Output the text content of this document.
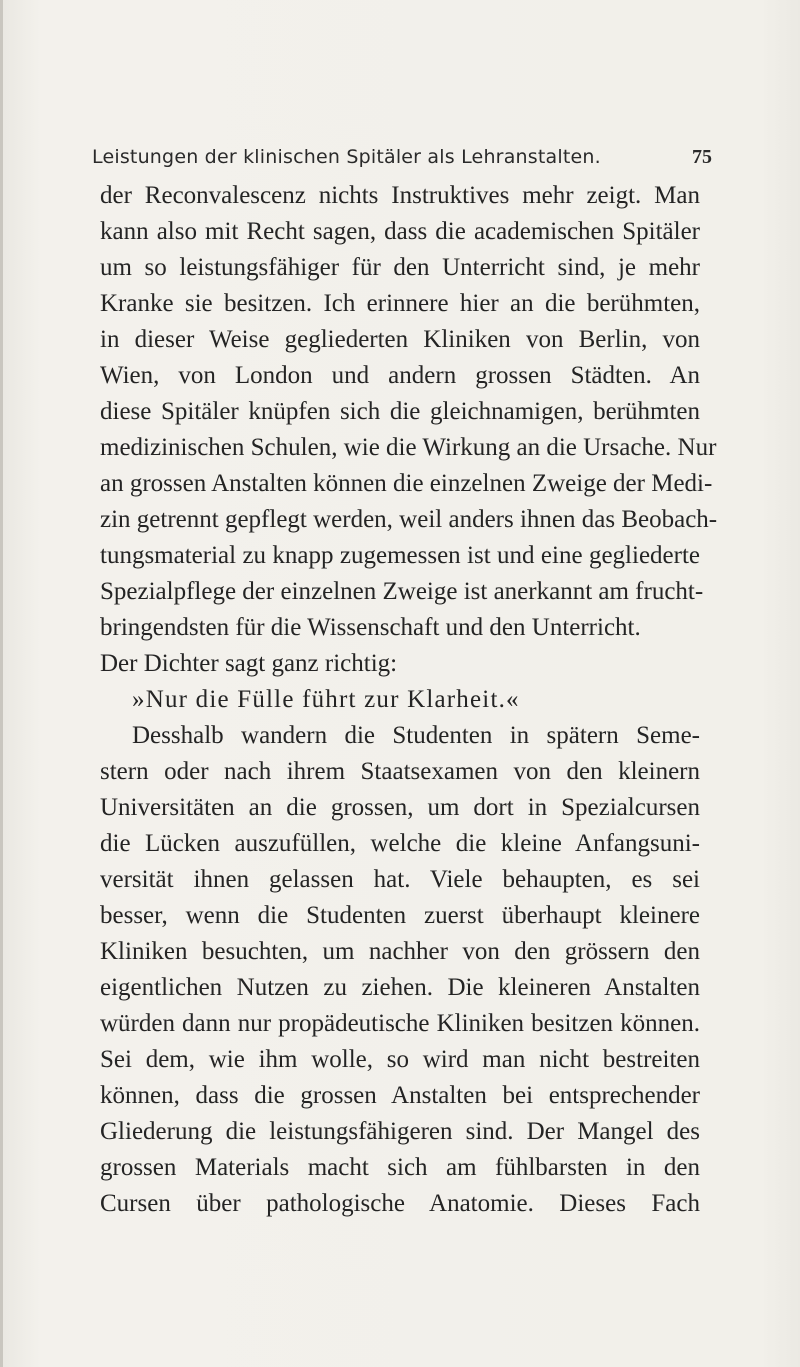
Leistungen der klinischen Spitäler als Lehranstalten.	75
der Reconvalescenz nichts Instruktives mehr zeigt. Man
kann also mit Recht sagen, dass die academischen Spitäler
um so leistungsfähiger für den Unterricht sind, je mehr
Kranke sie besitzen. Ich erinnere hier an die berühmten,
in dieser Weise gegliederten Kliniken von Berlin, von
Wien, von London und andern grossen Städten. An
diese Spitäler knüpfen sich die gleichnamigen, berühmten
medizinischen Schulen, wie die Wirkung an die Ursache. Nur
an grossen Anstalten können die einzelnen Zweige der Medi-
zin getrennt gepflegt werden, weil anders ihnen das Beobach-
tungsmaterial zu knapp zugemessen ist und eine gegliederte
Spezialpflege der einzelnen Zweige ist anerkannt am frucht-
bringendsten für die Wissenschaft und den Unterricht.
Der Dichter sagt ganz richtig:
»Nur die Fülle führt zur Klarheit.«
Desshalb wandern die Studenten in spätern Seme-
stern oder nach ihrem Staatsexamen von den kleinern
Universitäten an die grossen, um dort in Spezialcursen
die Lücken auszufüllen, welche die kleine Anfangsuni-
versität ihnen gelassen hat. Viele behaupten, es sei
besser, wenn die Studenten zuerst überhaupt kleinere
Kliniken besuchten, um nachher von den grössern den
eigentlichen Nutzen zu ziehen. Die kleineren Anstalten
würden dann nur propädeutische Kliniken besitzen können.
Sei dem, wie ihm wolle, so wird man nicht bestreiten
können, dass die grossen Anstalten bei entsprechender
Gliederung die leistungsfähigeren sind. Der Mangel des
grossen Materials macht sich am fühlbarsten in den
Cursen über pathologische Anatomie. Dieses Fach
